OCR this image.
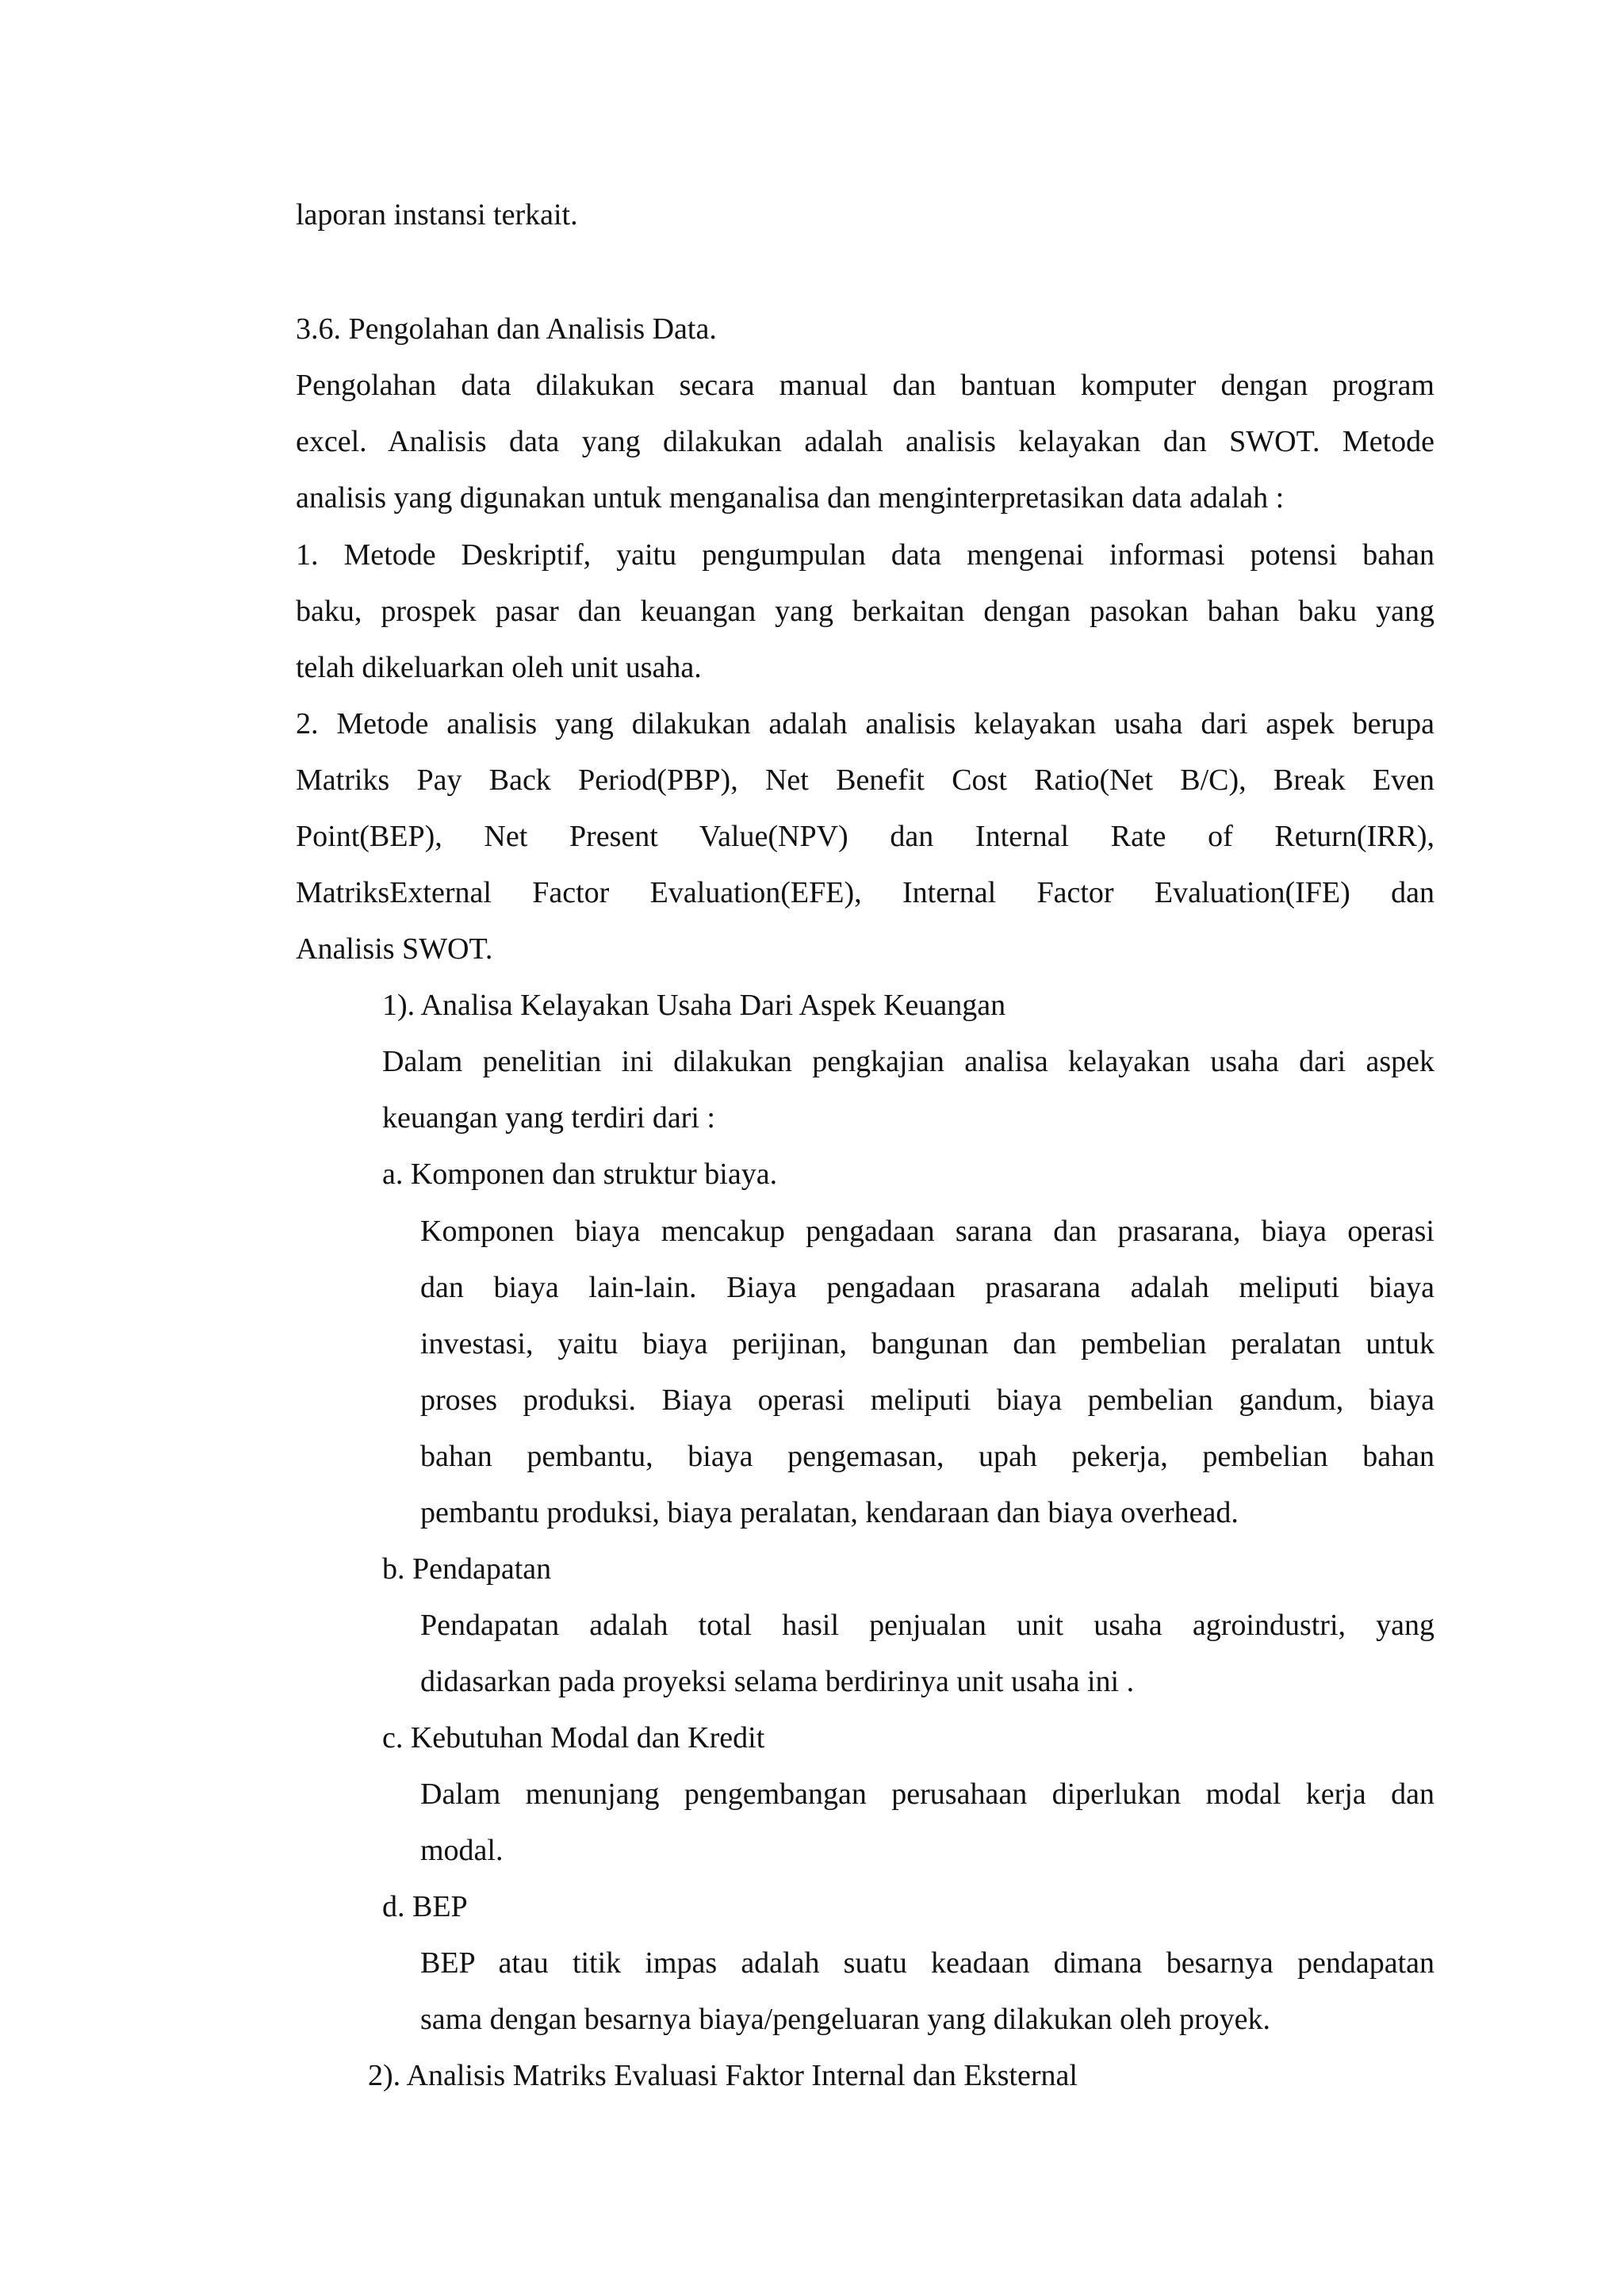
laporan instansi terkait.
3.6. Pengolahan dan Analisis Data.
Pengolahan data dilakukan secara manual dan bantuan komputer dengan program
excel. Analisis data yang dilakukan adalah analisis kelayakan dan SWOT. Metode
analisis yang digunakan untuk menganalisa dan menginterpretasikan data adalah :
1. Metode Deskriptif, yaitu pengumpulan data mengenai informasi potensi bahan
baku, prospek pasar dan keuangan yang berkaitan dengan pasokan bahan baku yang
telah dikeluarkan oleh unit usaha.
2. Metode analisis yang dilakukan adalah analisis kelayakan usaha dari aspek berupa
Matriks Pay Back Period(PBP), Net Benefit Cost Ratio(Net B/C), Break Even
Point(BEP), Net Present Value(NPV) dan Internal Rate of Return(IRR),
MatriksExternal Factor Evaluation(EFE), Internal Factor Evaluation(IFE) dan
Analisis SWOT.
1). Analisa Kelayakan Usaha Dari Aspek Keuangan
Dalam penelitian ini dilakukan pengkajian analisa kelayakan usaha dari aspek
keuangan yang terdiri dari :
a. Komponen dan struktur biaya.
Komponen biaya mencakup pengadaan sarana dan prasarana, biaya operasi
dan biaya lain-lain. Biaya pengadaan prasarana adalah meliputi biaya
investasi, yaitu biaya perijinan, bangunan dan pembelian peralatan untuk
proses produksi. Biaya operasi meliputi biaya pembelian gandum, biaya
bahan pembantu, biaya pengemasan, upah pekerja, pembelian bahan
pembantu produksi, biaya peralatan, kendaraan dan biaya overhead.
b. Pendapatan
Pendapatan adalah total hasil penjualan unit usaha agroindustri, yang
didasarkan pada proyeksi selama berdirinya unit usaha ini .
c. Kebutuhan Modal dan Kredit
Dalam menunjang pengembangan perusahaan diperlukan modal kerja dan
modal.
d. BEP
BEP atau titik impas adalah suatu keadaan dimana besarnya pendapatan
sama dengan besarnya biaya/pengeluaran yang dilakukan oleh proyek.
2). Analisis Matriks Evaluasi Faktor Internal dan Eksternal
